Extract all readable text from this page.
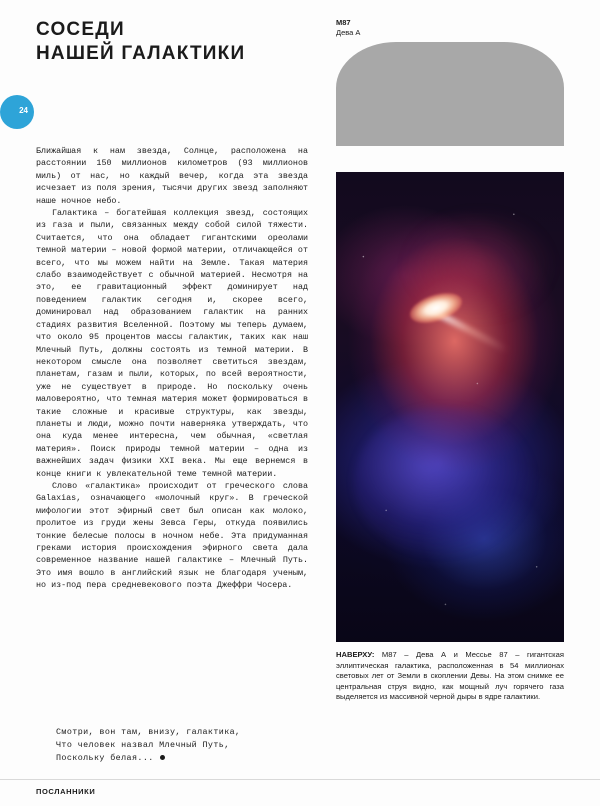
СОСЕДИ
НАШЕЙ ГАЛАКТИКИ
24
M87
Дева А
НАВЕРХУ: M87 – Дева А и Мессье 87 – гигантская эллиптическая галактика, расположенная в 54 миллионах световых лет от Земли в скоплении Девы. На этом снимке ее центральная струя видно, как мощный луч горячего газа выделяется из массивной черной дыры в ядре галактики.

Ближайшая к нам звезда, Солнце, расположена на расстоянии 150 миллионов километров (93 миллионов миль) от нас, но каждый вечер, когда эта звезда исчезает из поля зрения, тысячи других звезд заполняют наше ночное небо.

Галактика – богатейшая коллекция звезд, состоящих из газа и пыли, связанных между собой силой тяжести. Считается, что она обладает гигантскими ореолами темной материи – новой формой материи, отличающейся от всего, что мы можем найти на Земле. Такая материя слабо взаимодействует с обычной материей. Несмотря на это, ее гравитационный эффект доминирует над поведением галактик сегодня и, скорее всего, доминировал над образованием галактик на ранних стадиях развития Вселенной. Поэтому мы теперь думаем, что около 95 процентов массы галактик, таких как наш Млечный Путь, должны состоять из темной материи. В некотором смысле она позволяет светиться звездам, планетам, газам и пыли, которых, по всей вероятности, уже не существует в природе. Но поскольку очень маловероятно, что темная материя может формироваться в такие сложные и красивые структуры, как звезды, планеты и люди, можно почти наверняка утверждать, что она куда менее интересна, чем обычная, «светлая материя». Поиск природы темной материи – одна из важнейших задач физики XXI века. Мы еще вернемся в конце книги к увлекательной теме темной материи.

Слово «галактика» происходит от греческого слова Galaxias, означающего «молочный круг». В греческой мифологии этот эфирный свет был описан как молоко, пролитое из груди жены Зевса Геры, откуда появились тонкие белесые полосы в ночном небе. Эта придуманная греками история происхождения эфирного света дала современное название нашей галактике – Млечный Путь. Это имя вошло в английский язык не благодаря ученым, но из-под пера средневекового поэта Джеффри Чосера.

Смотри, вон там, внизу, галактика,
Что человек назвал Млечный Путь,
Поскольку белая...
ПОСЛАННИКИ
